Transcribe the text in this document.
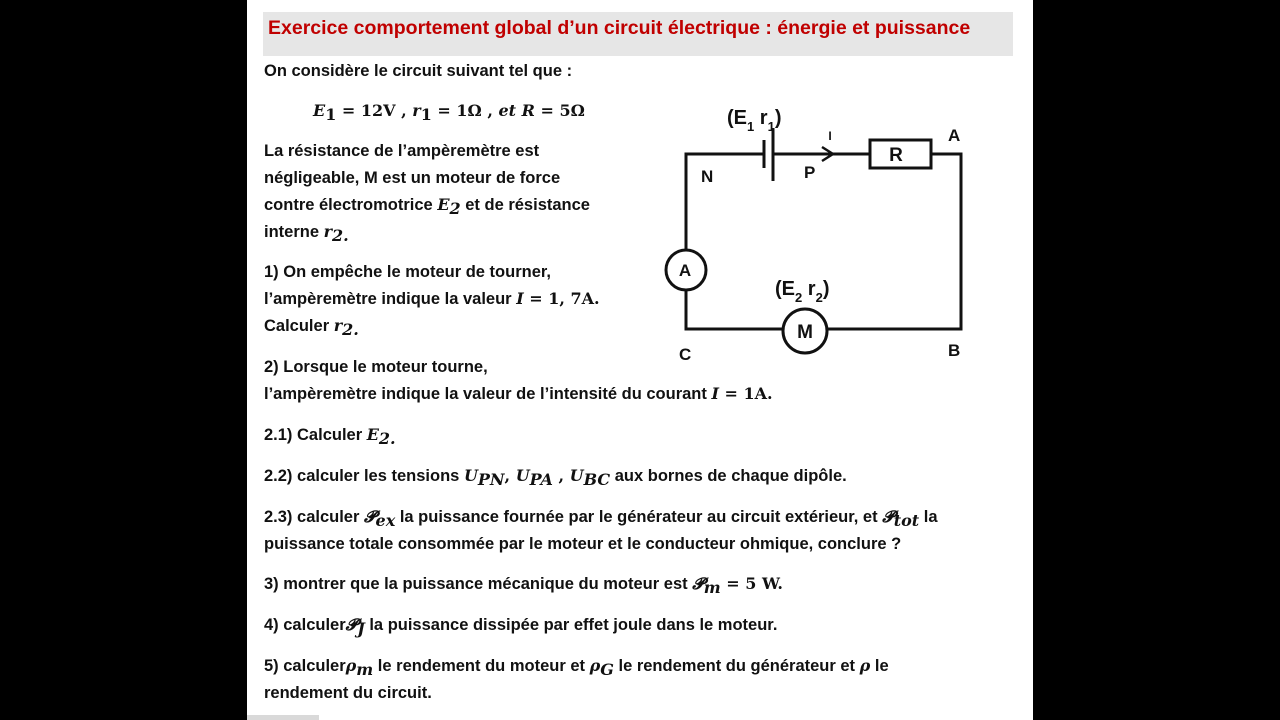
Exercice comportement global d’un circuit électrique : énergie et puissance
On considère le circuit suivant tel que :
$E_1 = 12V$ , $r_1 = 1\Omega$ , et R = 5Ω
La résistance de l’ampèremètre est
négligeable, M est un moteur de force
contre électromotrice $E_2$ et de résistance
interne $r_{2.}$
1) On empêche le moteur de tourner,
l’ampèremètre indique la valeur I = 1, 7A.
Calculer $r_{2.}$
2) Lorsque le moteur tourne,
l’ampèremètre indique la valeur de l’intensité du courant I = 1A.
2.1) Calculer $E_{2.}$
2.2) calculer les tensions $U_{PN}$, $U_{PA}$ , $U_{BC}$ aux bornes de chaque dipôle.
2.3) calculer 𝓟$_{ex}$ la puissance fournée par le générateur au circuit extérieur, et 𝓟$_{tot}$ la
puissance totale consommée par le moteur et le conducteur ohmique, conclure ?
3) montrer que la puissance mécanique du moteur est 𝓟$_m$ = 5 W.
4) calculer𝓟$_J$ la puissance dissipée par effet joule dans le moteur.
5) calculerρ$_m$ le rendement du moteur et $\rho_G$ le rendement du générateur et ρ le
rendement du circuit.
I
R
A
M
($E_1$ $r_1$)
($E_2$ $r_2$)
N	P
A
B
C
